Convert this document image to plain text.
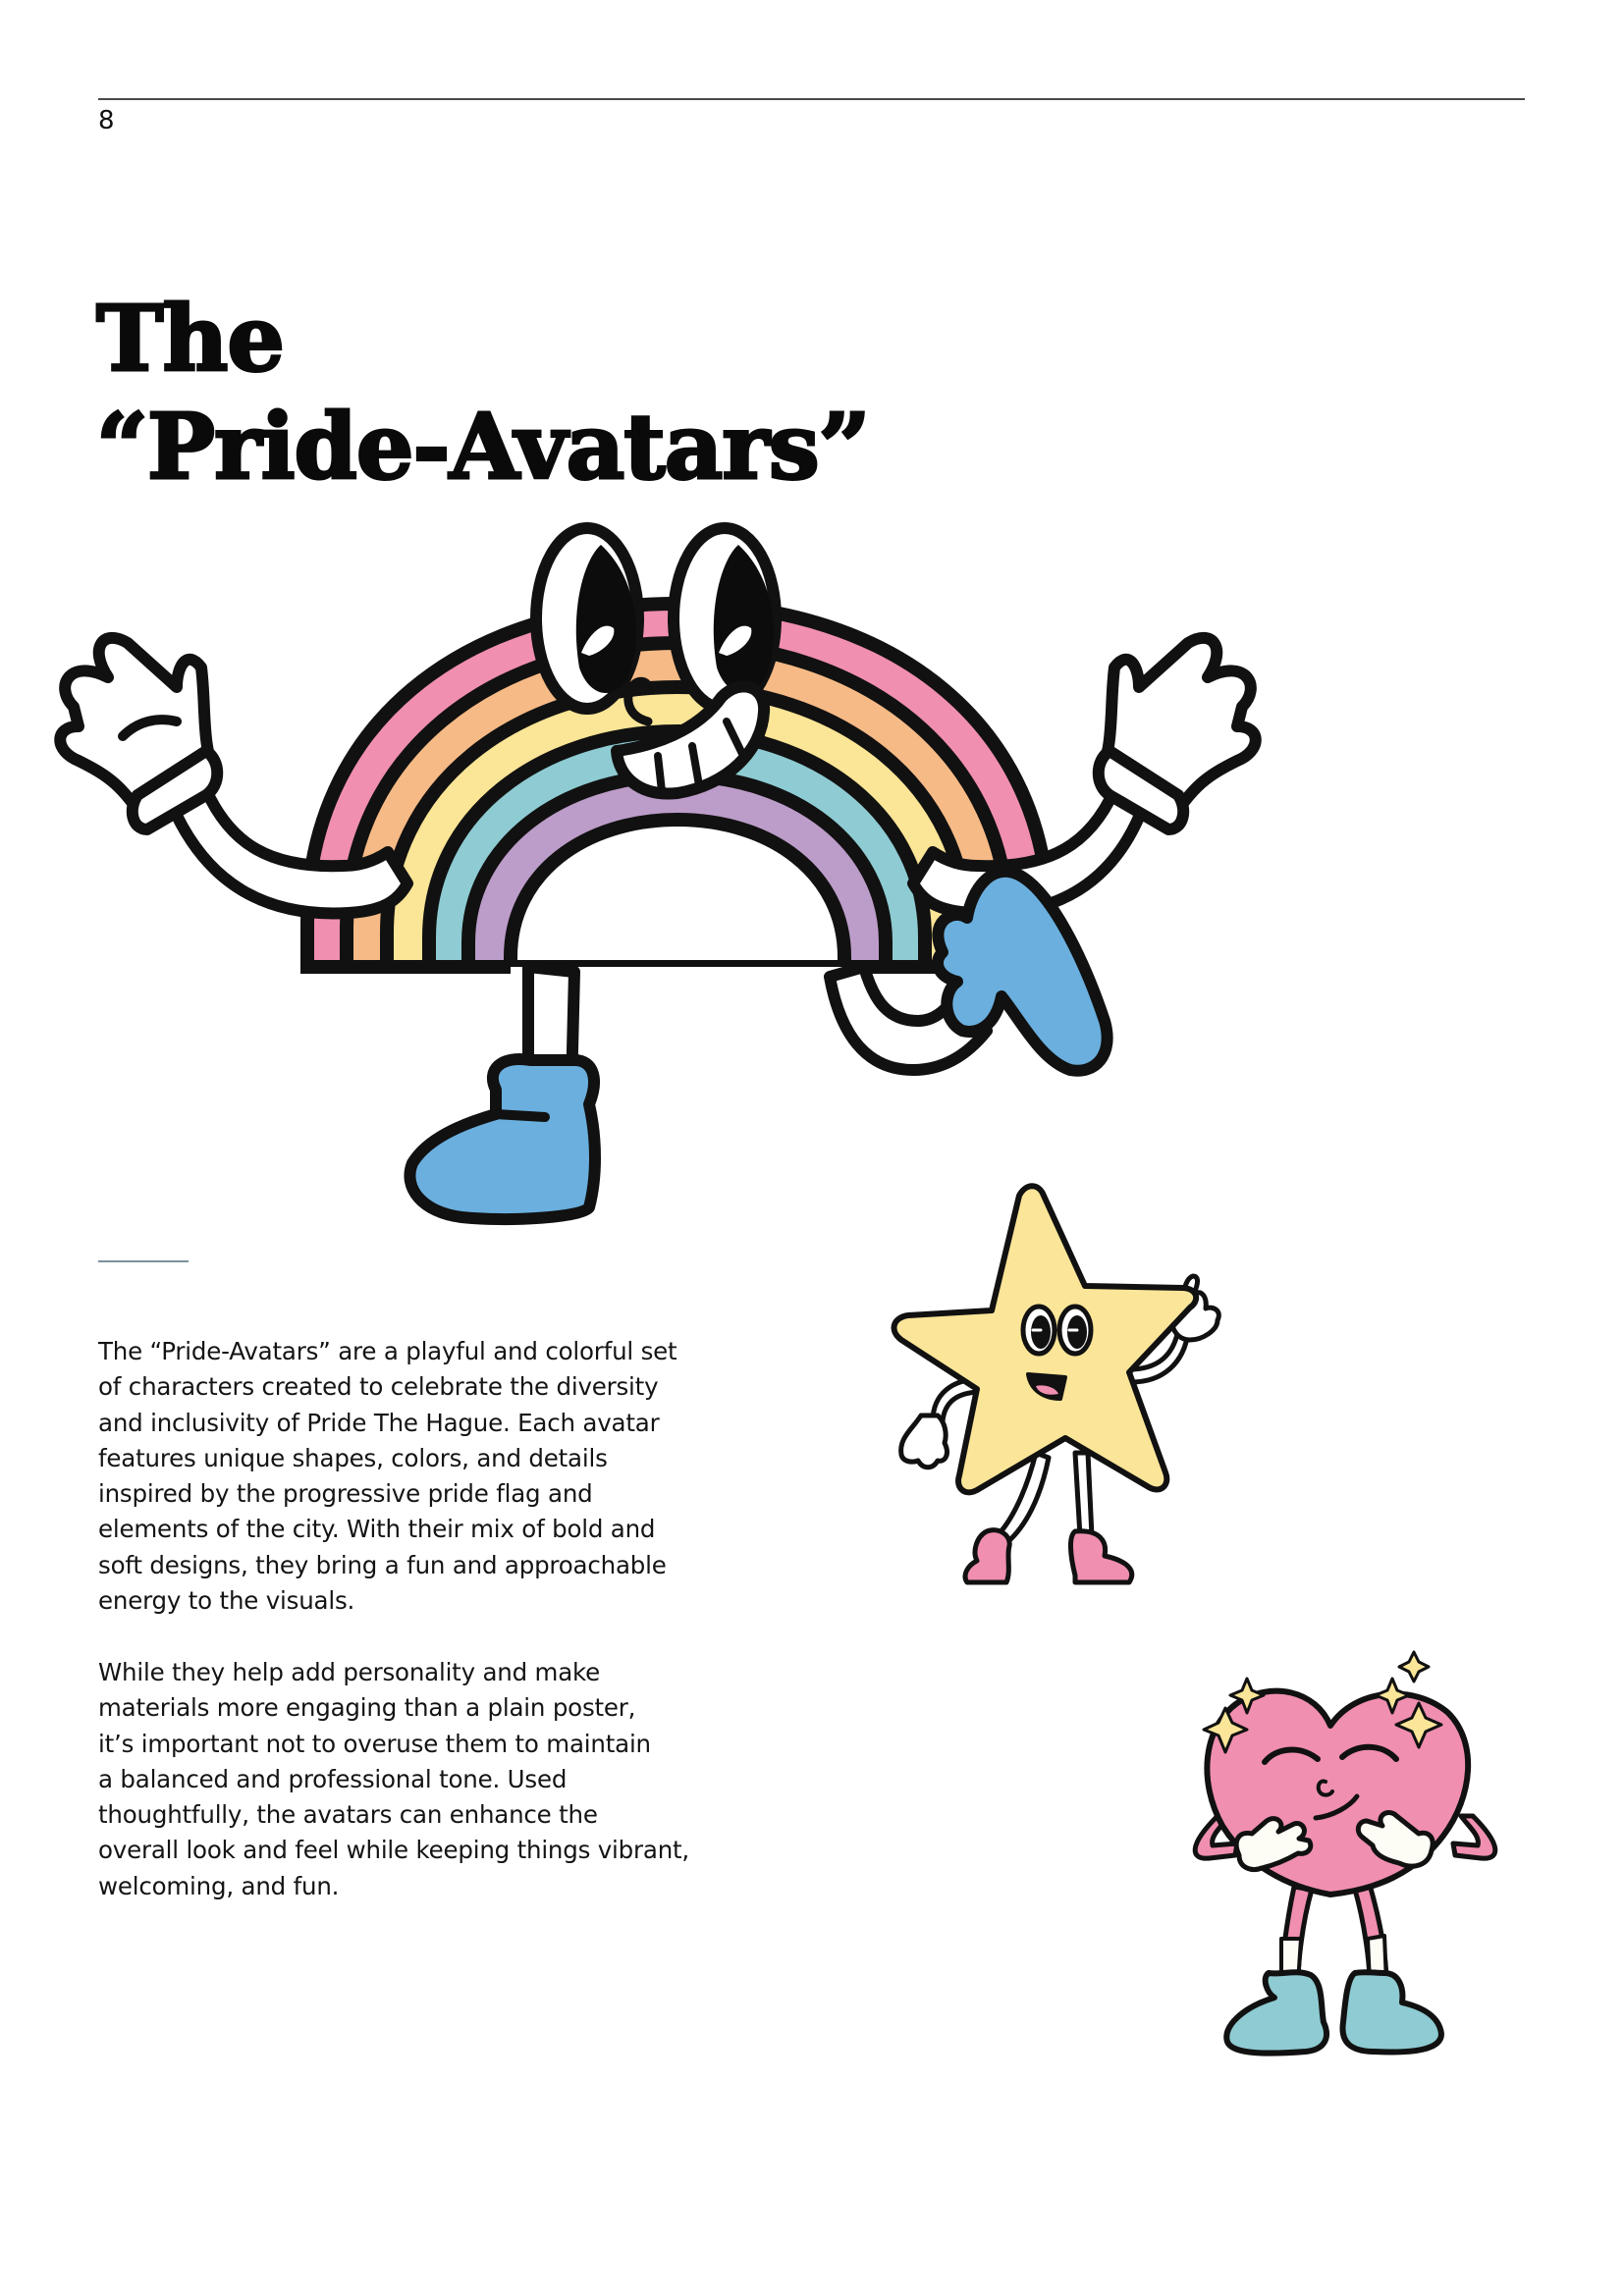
8
The
“Pride-Avatars”

The “Pride-Avatars” are a playful and colorful set
of characters created to celebrate the diversity
and inclusivity of Pride The Hague. Each avatar
features unique shapes, colors, and details
inspired by the progressive pride flag and
elements of the city. With their mix of bold and
soft designs, they bring a fun and approachable
energy to the visuals.

While they help add personality and make
materials more engaging than a plain poster,
it’s important not to overuse them to maintain
a balanced and professional tone. Used
thoughtfully, the avatars can enhance the
overall look and feel while keeping things vibrant,
welcoming, and fun.
